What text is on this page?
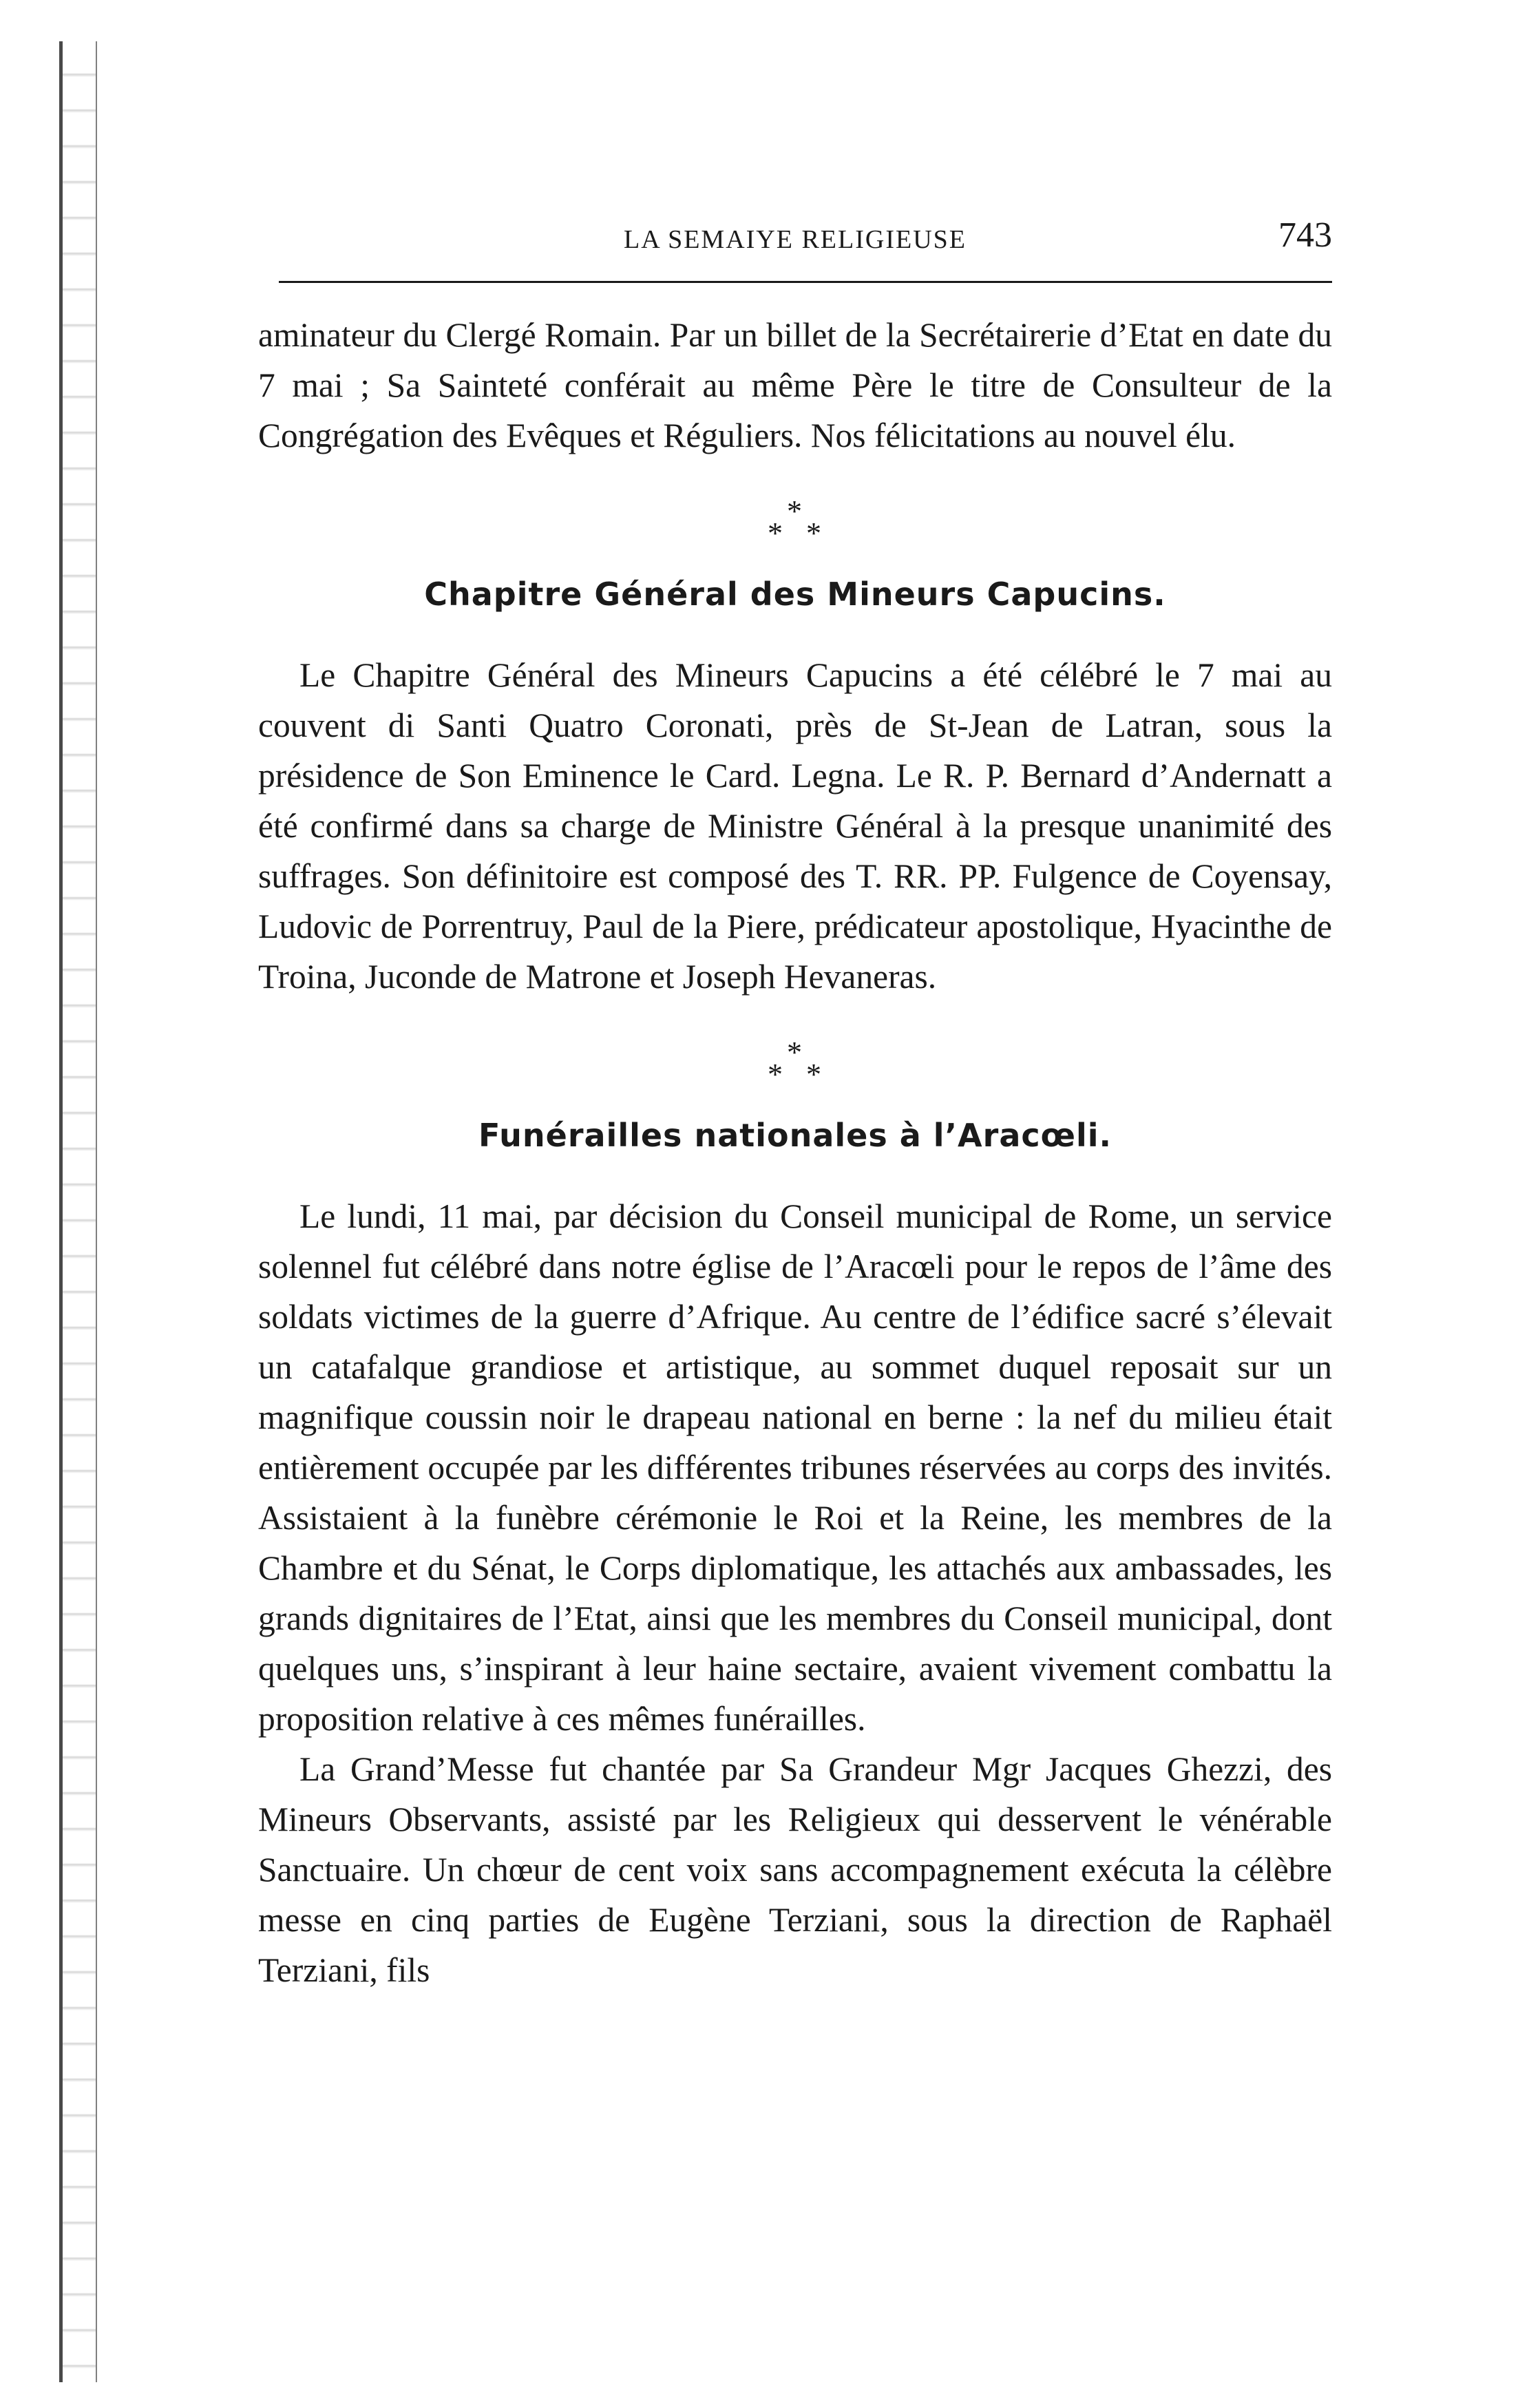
LA SEMAIYE RELIGIEUSE	743

aminateur du Clergé Romain. Par un billet de la Secrétairerie d’Etat en date du 7 mai ; Sa Sainteté conférait au même Père le titre de Consulteur de la Congrégation des Evêques et Réguliers. Nos félicitations au nouvel élu.

*
* *
Chapitre Général des Mineurs Capucins.

Le Chapitre Général des Mineurs Capucins a été célébré le 7 mai au couvent di Santi Quatro Coronati, près de St-Jean de Latran, sous la présidence de Son Eminence le Card. Legna. Le R. P. Bernard d’Andernatt a été confirmé dans sa charge de Ministre Général à la presque unanimité des suffrages. Son définitoire est composé des T. RR. PP. Fulgence de Coyensay, Ludovic de Porrentruy, Paul de la Piere, prédicateur apostolique, Hyacinthe de Troina, Juconde de Matrone et Joseph Hevaneras.

*
* *
Funérailles nationales à l’Aracœli.

Le lundi, 11 mai, par décision du Conseil municipal de Rome, un service solennel fut célébré dans notre église de l’Aracœli pour le repos de l’âme des soldats victimes de la guerre d’Afrique. Au centre de l’édifice sacré s’élevait un catafalque grandiose et artistique, au sommet duquel reposait sur un magnifique coussin noir le drapeau national en berne : la nef du milieu était entièrement occupée par les différentes tribunes réservées au corps des invités. Assistaient à la funèbre cérémonie le Roi et la Reine, les membres de la Chambre et du Sénat, le Corps diplomatique, les attachés aux ambassades, les grands dignitaires de l’Etat, ainsi que les membres du Conseil municipal, dont quelques uns, s’inspirant à leur haine sectaire, avaient vivement combattu la proposition relative à ces mêmes funérailles.

La Grand’Messe fut chantée par Sa Grandeur Mgr Jacques Ghezzi, des Mineurs Observants, assisté par les Religieux qui desservent le vénérable Sanctuaire. Un chœur de cent voix sans accompagnement exécuta la célèbre messe en cinq parties de Eugène Terziani, sous la direction de Raphaël Terziani, fils
